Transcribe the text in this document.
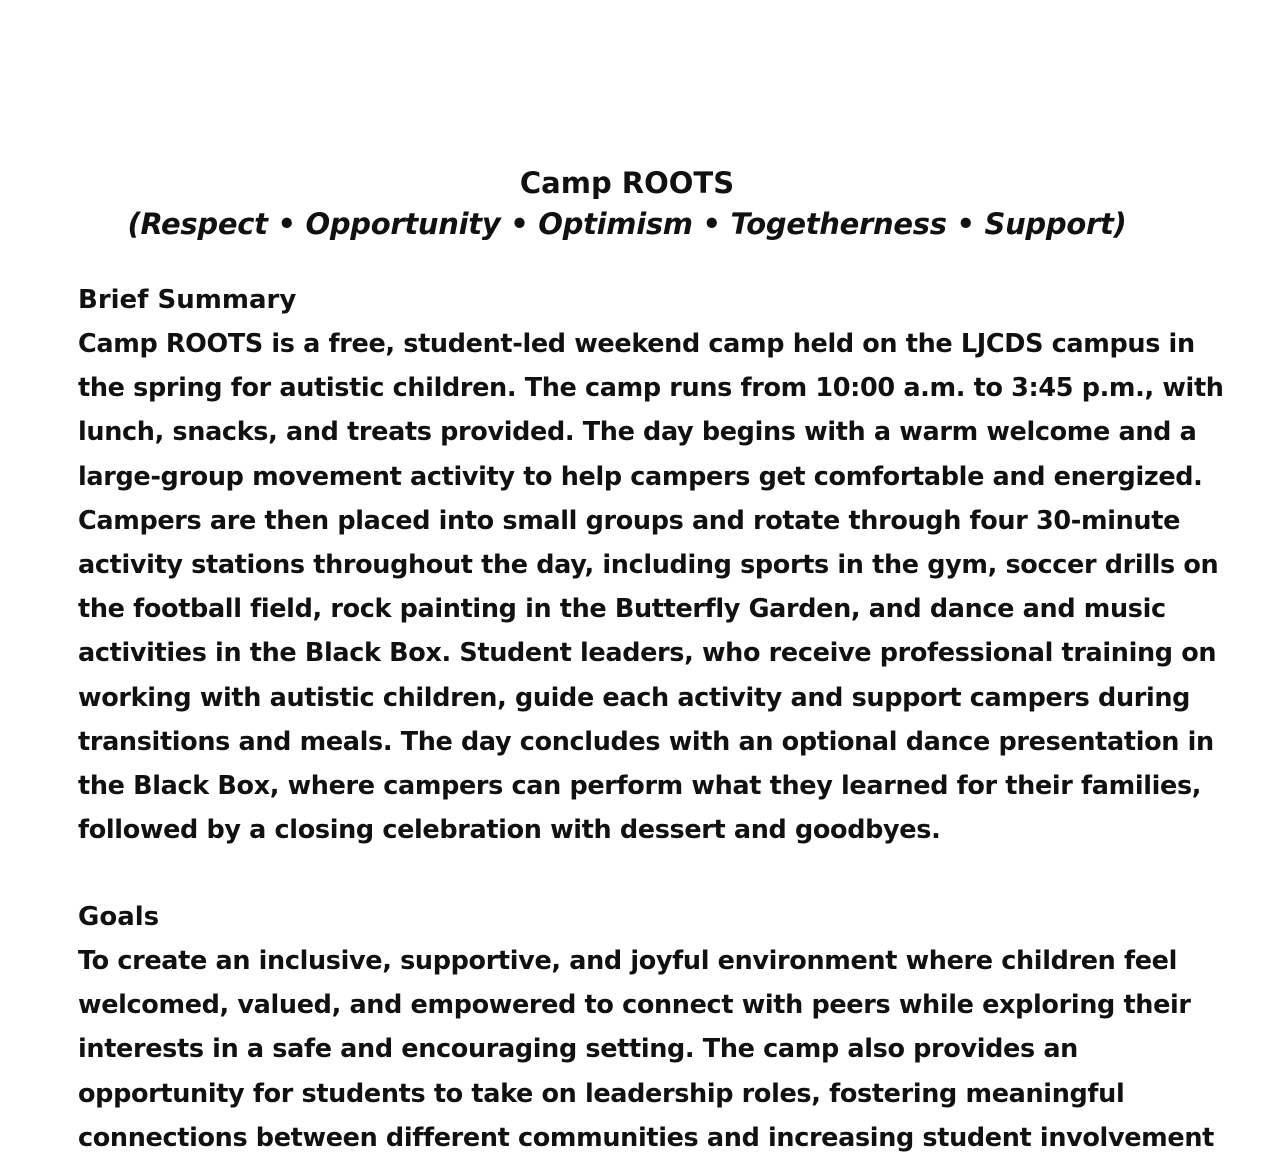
Camp ROOTS
(Respect • Opportunity • Optimism • Togetherness • Support)
Brief Summary

Camp ROOTS is a free, student-led weekend camp held on the LJCDS campus in
the spring for autistic children. The camp runs from 10:00 a.m. to 3:45 p.m., with
lunch, snacks, and treats provided. The day begins with a warm welcome and a
large-group movement activity to help campers get comfortable and energized.
Campers are then placed into small groups and rotate through four 30-minute
activity stations throughout the day, including sports in the gym, soccer drills on
the football field, rock painting in the Butterfly Garden, and dance and music
activities in the Black Box. Student leaders, who receive professional training on
working with autistic children, guide each activity and support campers during
transitions and meals. The day concludes with an optional dance presentation in
the Black Box, where campers can perform what they learned for their families,
followed by a closing celebration with dessert and goodbyes.

Goals

To create an inclusive, supportive, and joyful environment where children feel
welcomed, valued, and empowered to connect with peers while exploring their
interests in a safe and encouraging setting. The camp also provides an
opportunity for students to take on leadership roles, fostering meaningful
connections between different communities and increasing student involvement
